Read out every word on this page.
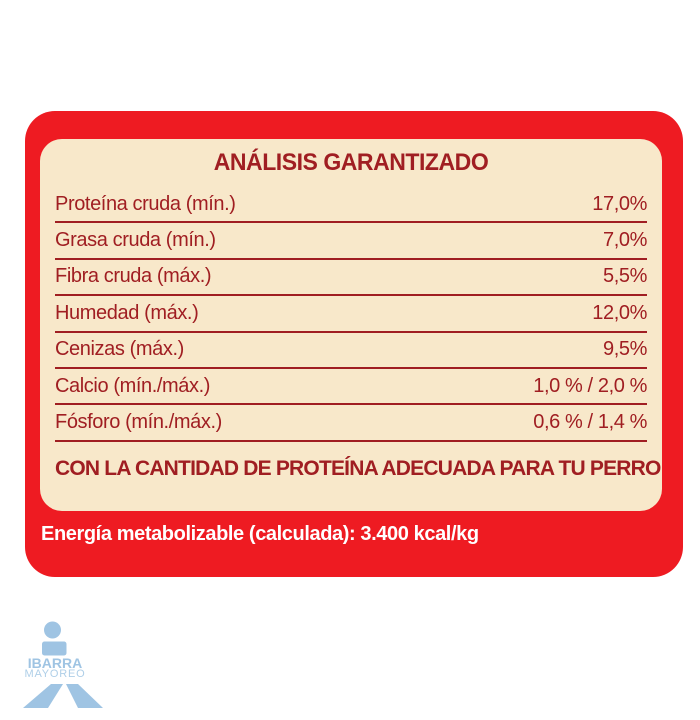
ANÁLISIS GARANTIZADO
Proteína cruda (mín.)	17,0%
Grasa cruda (mín.)	7,0%
Fibra cruda (máx.)	5,5%
Humedad (máx.)	12,0%
Cenizas (máx.)	9,5%
Calcio (mín./máx.)	1,0 % / 2,0 %
Fósforo (mín./máx.)	0,6 % / 1,4 %
CON LA CANTIDAD DE PROTEÍNA ADECUADA PARA TU PERRO
Energía metabolizable (calculada): 3.400 kcal/kg
IBARRA
MAYOREO
